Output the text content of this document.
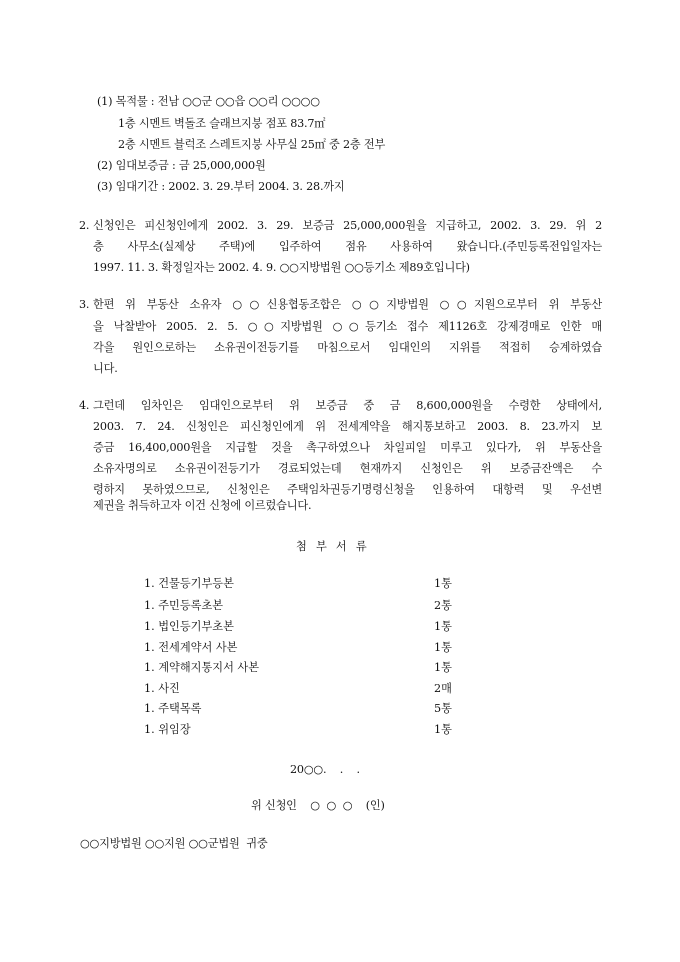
(1) 목적물 : 전남 ○○군 ○○읍 ○○리 ○○○○
1층 시멘트 벽돌조 슬래브지붕 점포 83.7㎡
2층 시멘트 블럭조 스레트지붕 사무실 25㎡ 중 2층 전부
(2) 임대보증금 : 금 25,000,000원
(3) 임대기간 : 2002. 3. 29.부터 2004. 3. 28.까지
2. 신청인은 피신청인에게 2002. 3. 29. 보증금 25,000,000원을 지급하고, 2002. 3. 29. 위 2
층 사무소(실제상 주택)에 입주하여 점유 사용하여 왔습니다.(주민등록전입일자는
1997. 11. 3. 확정일자는 2002. 4. 9. ○○지방법원 ○○등기소 제89호입니다)
3. 한편 위 부동산 소유자 ○○신용협동조합은 ○○지방법원 ○○지원으로부터 위 부동산
을 낙찰받아 2005. 2. 5. ○○지방법원 ○○등기소 접수 제1126호 강제경매로 인한 매
각을 원인으로하는 소유권이전등기를 마침으로서 임대인의 지위를 적접히 승계하였습
니다.
4. 그런데 임차인은 임대인으로부터 위 보증금 중 금 8,600,000원을 수령한 상태에서,
2003. 7. 24. 신청인은 피신청인에게 위 전세계약을 해지통보하고 2003. 8. 23.까지 보
증금 16,400,000원을 지급할 것을 촉구하였으나 차일피일 미루고 있다가, 위 부동산을
소유자명의로 소유권이전등기가 경료되었는데 현재까지 신청인은 위 보증금잔액은 수
령하지 못하였으므로, 신청인은 주택임차권등기명령신청을 인용하여 대항력 및 우선변
제권을 취득하고자 이건 신청에 이르렀습니다.
첨 부 서 류
1. 건물등기부등본	1통
1. 주민등록초본	2통
1. 법인등기부초본	1통
1. 전세계약서 사본	1통
1. 계약해지통지서 사본	1통
1. 사진	2매
1. 주택목록	5통
1. 위임장	1통
20○○.    .    .
위 신청인    ○  ○  ○    (인)
○○지방법원 ○○지원 ○○군법원  귀중
